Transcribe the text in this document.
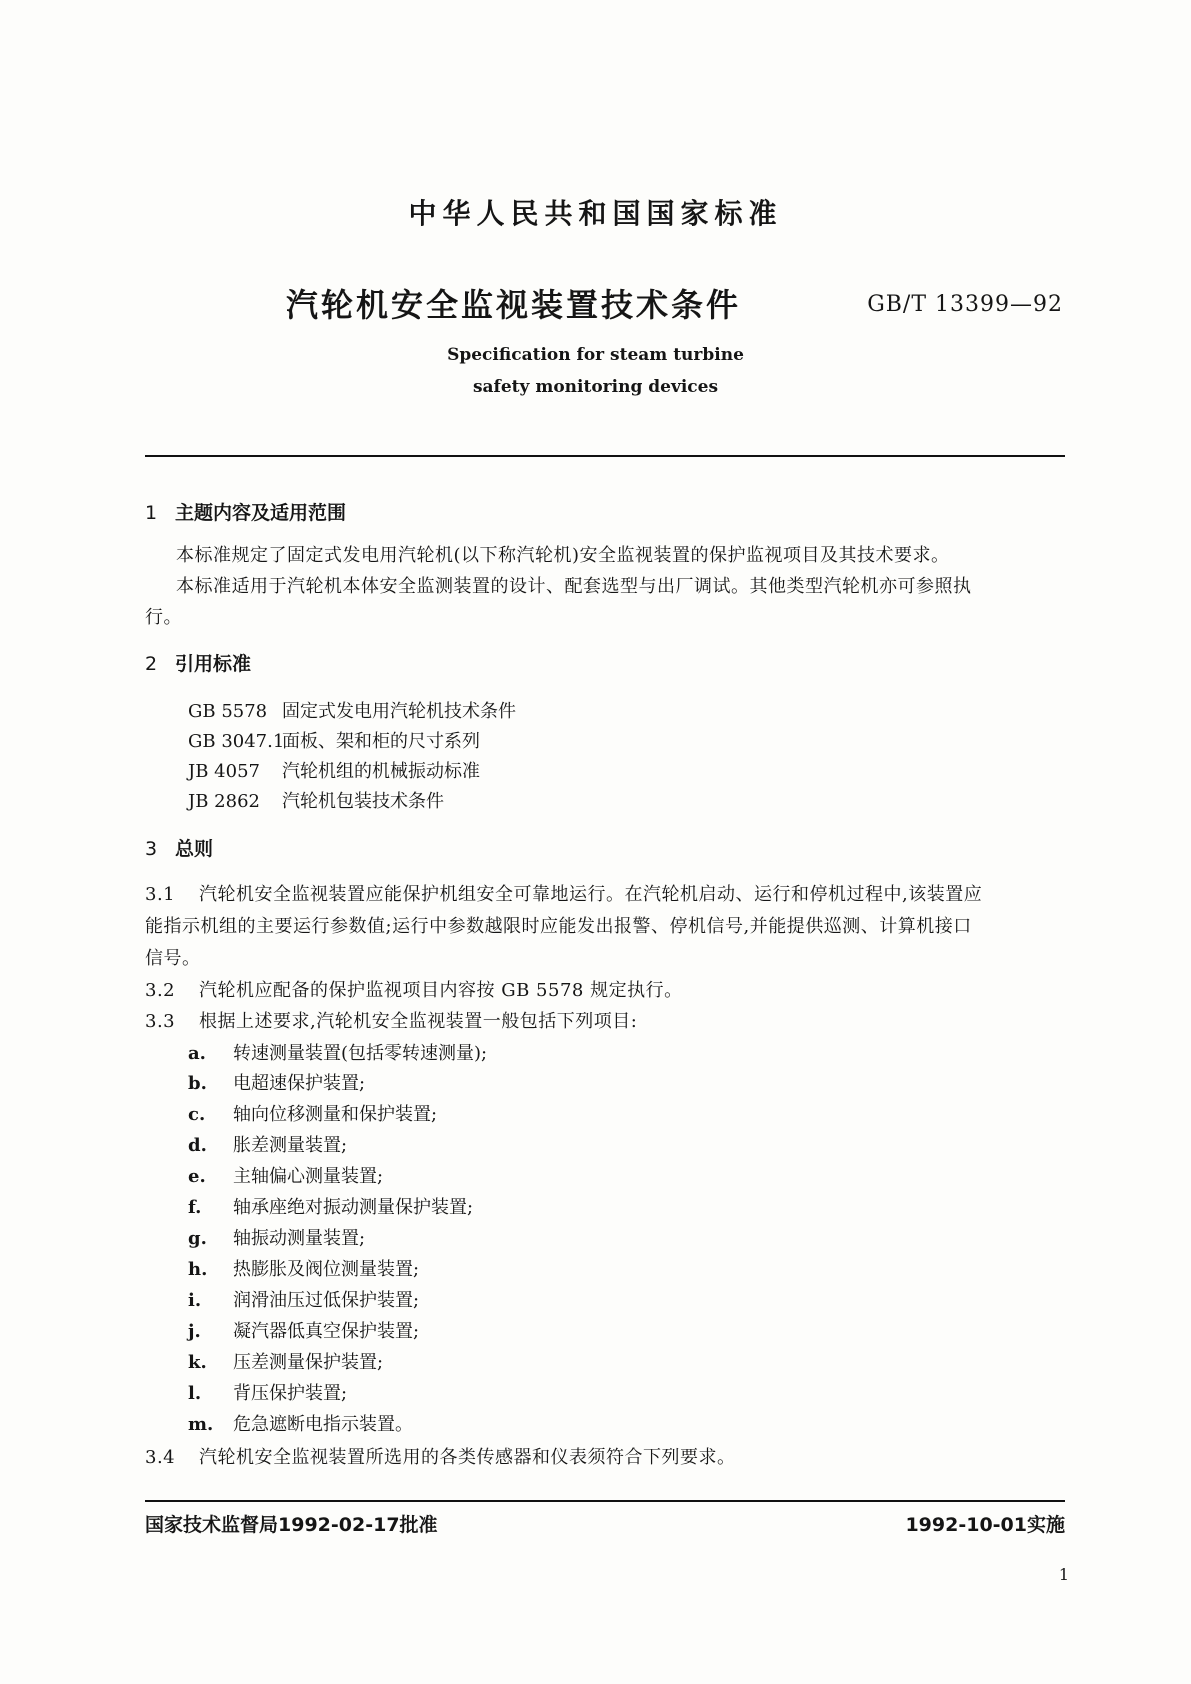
中华人民共和国国家标准
汽轮机安全监视装置技术条件	GB/T 13399—92
Specification for steam turbine
safety monitoring devices
1 主题内容及适用范围
本标准规定了固定式发电用汽轮机(以下称汽轮机)安全监视装置的保护监视项目及其技术要求。
本标准适用于汽轮机本体安全监测装置的设计、配套选型与出厂调试。其他类型汽轮机亦可参照执
行。
2 引用标准
GB 5578 固定式发电用汽轮机技术条件
GB 3047.1面板、架和柜的尺寸系列
JB 4057 汽轮机组的机械振动标准
JB 2862 汽轮机包装技术条件
3 总则
3.1 汽轮机安全监视装置应能保护机组安全可靠地运行。在汽轮机启动、运行和停机过程中,该装置应
能指示机组的主要运行参数值;运行中参数越限时应能发出报警、停机信号,并能提供巡测、计算机接口
信号。
3.2 汽轮机应配备的保护监视项目内容按 GB 5578 规定执行。
3.3 根据上述要求,汽轮机安全监视装置一般包括下列项目:
a. 转速测量装置(包括零转速测量);
b. 电超速保护装置;
c. 轴向位移测量和保护装置;
d. 胀差测量装置;
e. 主轴偏心测量装置;
f. 轴承座绝对振动测量保护装置;
g. 轴振动测量装置;
h. 热膨胀及阀位测量装置;
i. 润滑油压过低保护装置;
j. 凝汽器低真空保护装置;
k. 压差测量保护装置;
l. 背压保护装置;
m. 危急遮断电指示装置。
3.4 汽轮机安全监视装置所选用的各类传感器和仪表须符合下列要求。
国家技术监督局1992-02-17批准	1992-10-01实施
1
